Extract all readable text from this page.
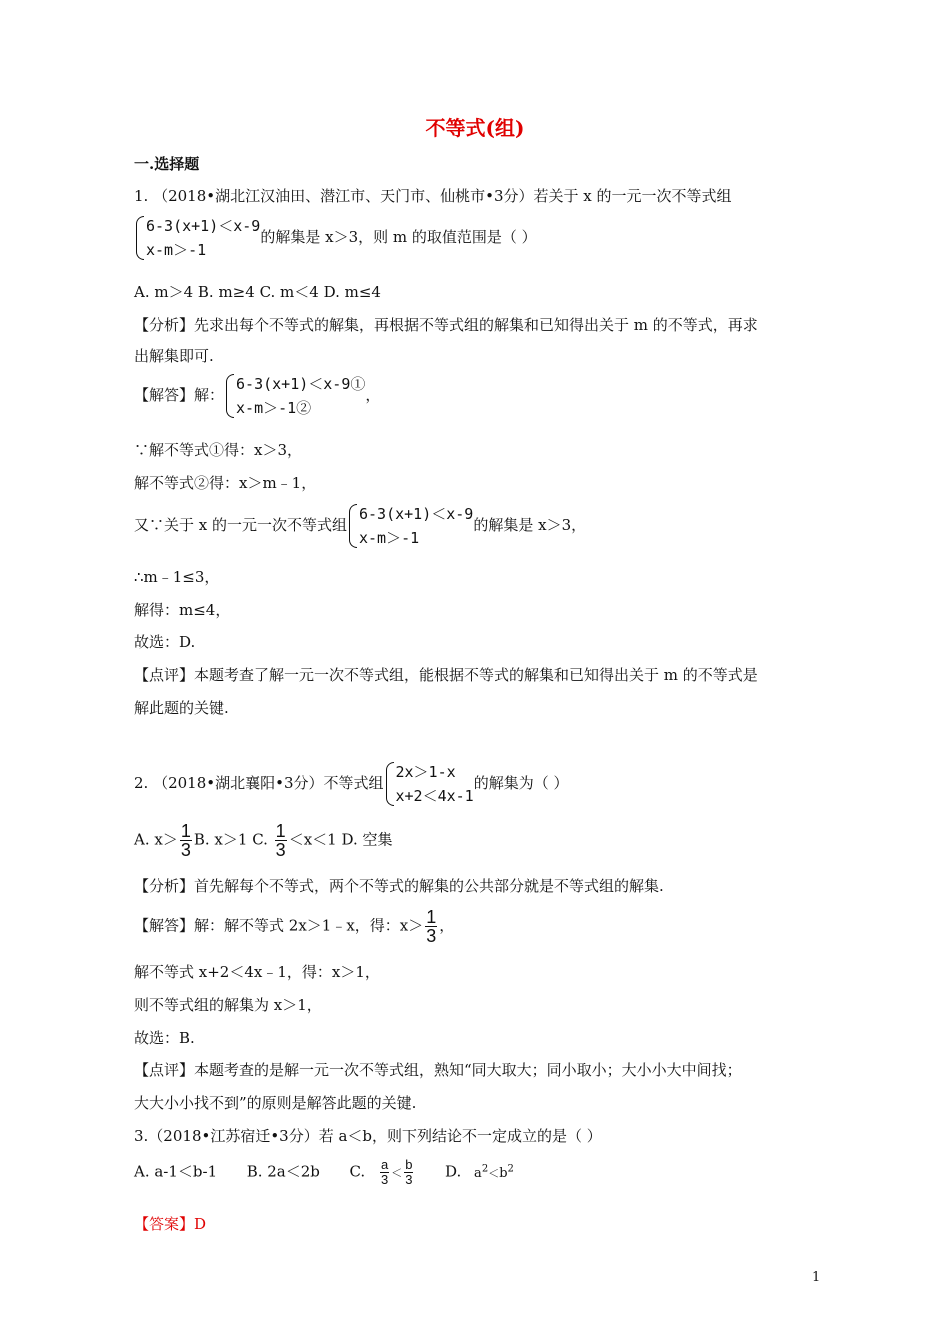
不等式(组)
一.选择题
1. （2018•湖北江汉油田、潜江市、天门市、仙桃市•3分）若关于 x 的一元一次不等式组
6-3(x+1)＜x-9
x-m＞-1
的解集是 x＞3，则 m 的取值范围是（ ）
A. m＞4 B. m≥4 C. m＜4 D. m≤4
【分析】先求出每个不等式的解集，再根据不等式组的解集和已知得出关于 m 的不等式，再求
出解集即可.
【解答】解：
6-3(x+1)＜x-9①
x-m＞-1②
，
∵解不等式①得：x＞3，
解不等式②得：x＞m﹣1，
又∵关于 x 的一元一次不等式组
6-3(x+1)＜x-9
x-m＞-1
的解集是 x＞3，
∴m﹣1≤3，
解得：m≤4，
故选：D.
【点评】本题考查了解一元一次不等式组，能根据不等式的解集和已知得出关于 m 的不等式是
解此题的关键.
2. （2018•湖北襄阳•3分）不等式组
2x＞1-x
x+2＜4x-1
的解集为（ ）
A. $x> \frac{1}{3} B$. x＞1 C. $\frac{1}{3} <x<1$ D. 空集
【分析】首先解每个不等式，两个不等式的解集的公共部分就是不等式组的解集.
【解答】解：解不等式 2x＞1﹣x，得：$x> \frac{1}{3}$ ，
解不等式 x+2＜4x﹣1，得：x＞1，
则不等式组的解集为 x＞1，
故选：B.
【点评】本题考查的是解一元一次不等式组，熟知“同大取大；同小取小；大小小大中间找；
大大小小找不到”的原则是解答此题的关键.
3.（2018•江苏宿迁•3分）若 a＜b，则下列结论不一定成立的是（ ）
A. a-1＜b-1 B. 2a＜2b C. $\frac{a}{3} < \frac{b}{3} D$. $a^2<b^2$
【答案】D
1
